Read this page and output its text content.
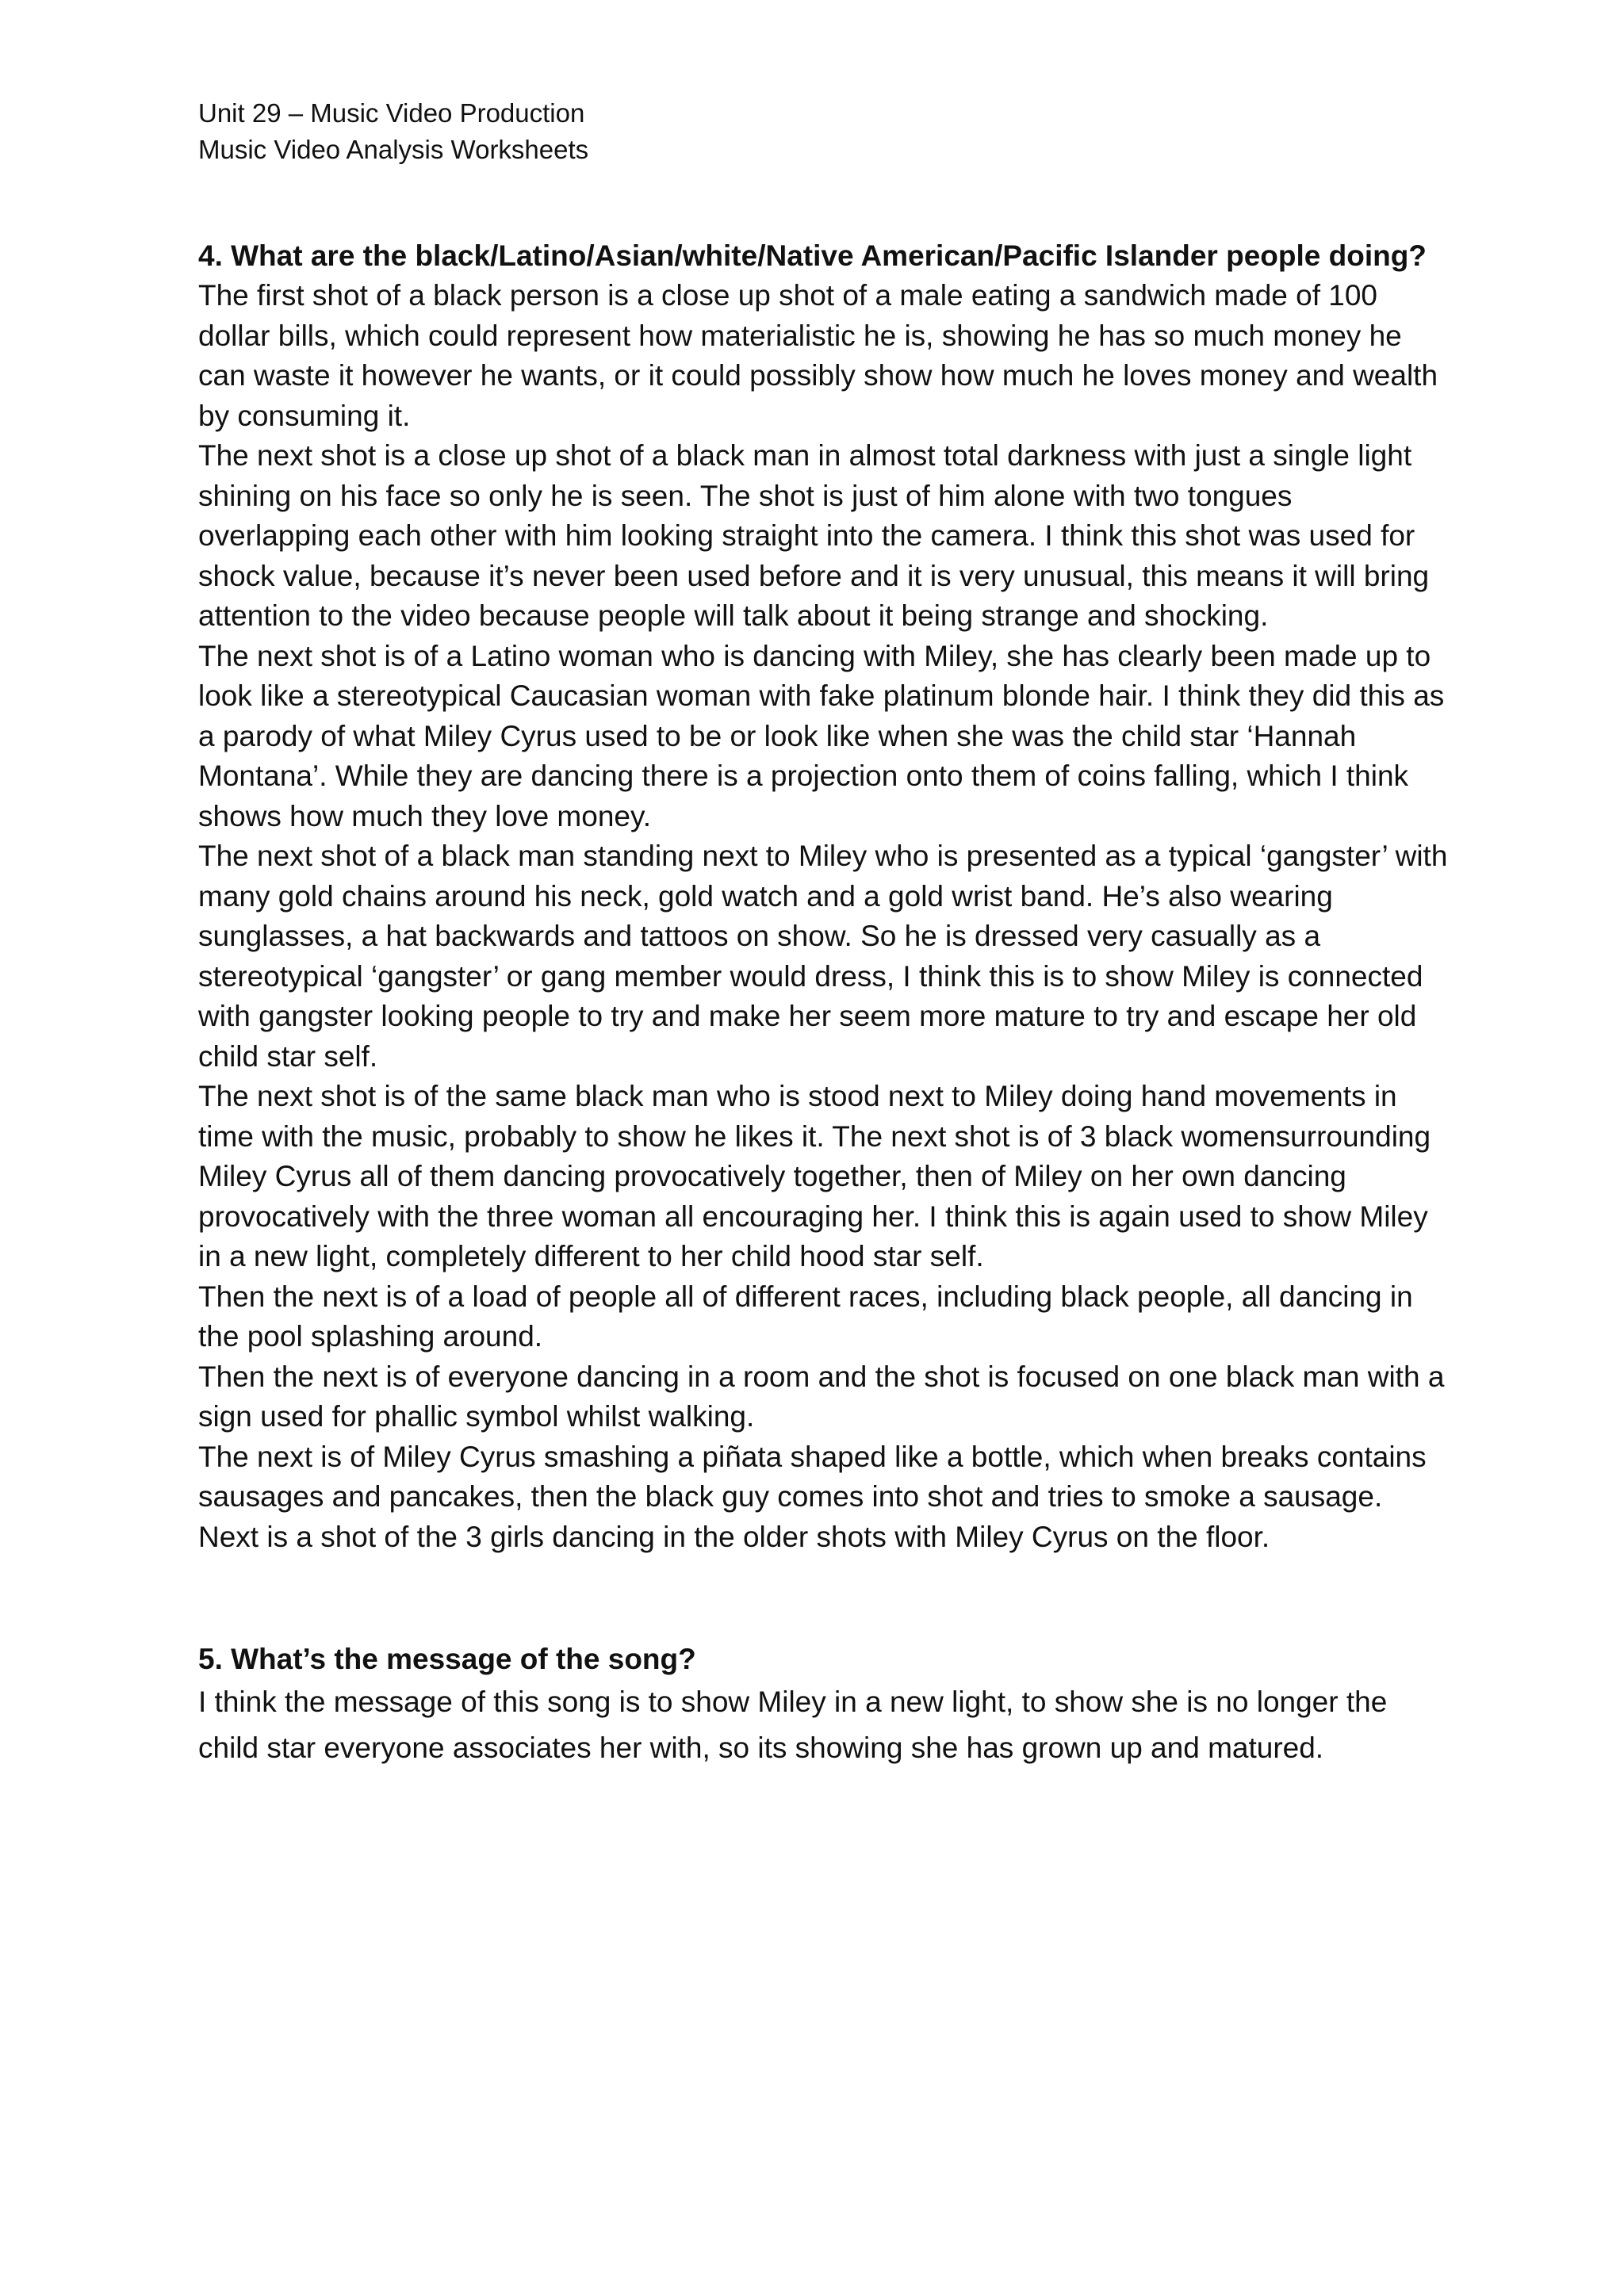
Unit 29 – Music Video Production
Music Video Analysis Worksheets

4. What are the black/Latino/Asian/white/Native American/Pacific Islander people doing?

The first shot of a black person is a close up shot of a male eating a sandwich made of 100 dollar bills, which could represent how materialistic he is, showing he has so much money he can waste it however he wants, or it could possibly show how much he loves money and wealth by consuming it.

The next shot is a close up shot of a black man in almost total darkness with just a single light shining on his face so only he is seen. The shot is just of him alone with two tongues overlapping each other with him looking straight into the camera. I think this shot was used for shock value, because it’s never been used before and it is very unusual, this means it will bring attention to the video because people will talk about it being strange and shocking.

The next shot is of a Latino woman who is dancing with Miley, she has clearly been made up to look like a stereotypical Caucasian woman with fake platinum blonde hair. I think they did this as a parody of what Miley Cyrus used to be or look like when she was the child star ‘Hannah Montana’. While they are dancing there is a projection onto them of coins falling, which I think shows how much they love money.

The next shot of a black man standing next to Miley who is presented as a typical ‘gangster’ with many gold chains around his neck, gold watch and a gold wrist band. He’s also wearing sunglasses, a hat backwards and tattoos on show. So he is dressed very casually as a stereotypical ‘gangster’ or gang member would dress, I think this is to show Miley is connected with gangster looking people to try and make her seem more mature to try and escape her old child star self.

The next shot is of the same black man who is stood next to Miley doing hand movements in time with the music, probably to show he likes it. The next shot is of 3 black womensurrounding Miley Cyrus all of them dancing provocatively together, then of Miley on her own dancing provocatively with the three woman all encouraging her. I think this is again used to show Miley in a new light, completely different to her child hood star self.

Then the next is of a load of people all of different races, including black people, all dancing in the pool splashing around.

Then the next is of everyone dancing in a room and the shot is focused on one black man with a sign used for phallic symbol whilst walking.

The next is of Miley Cyrus smashing a piñata shaped like a bottle, which when breaks contains sausages and pancakes, then the black guy comes into shot and tries to smoke a sausage.

Next is a shot of the 3 girls dancing in the older shots with Miley Cyrus on the floor.

5. What’s the message of the song?

I think the message of this song is to show Miley in a new light, to show she is no longer the child star everyone associates her with, so its showing she has grown up and matured.
